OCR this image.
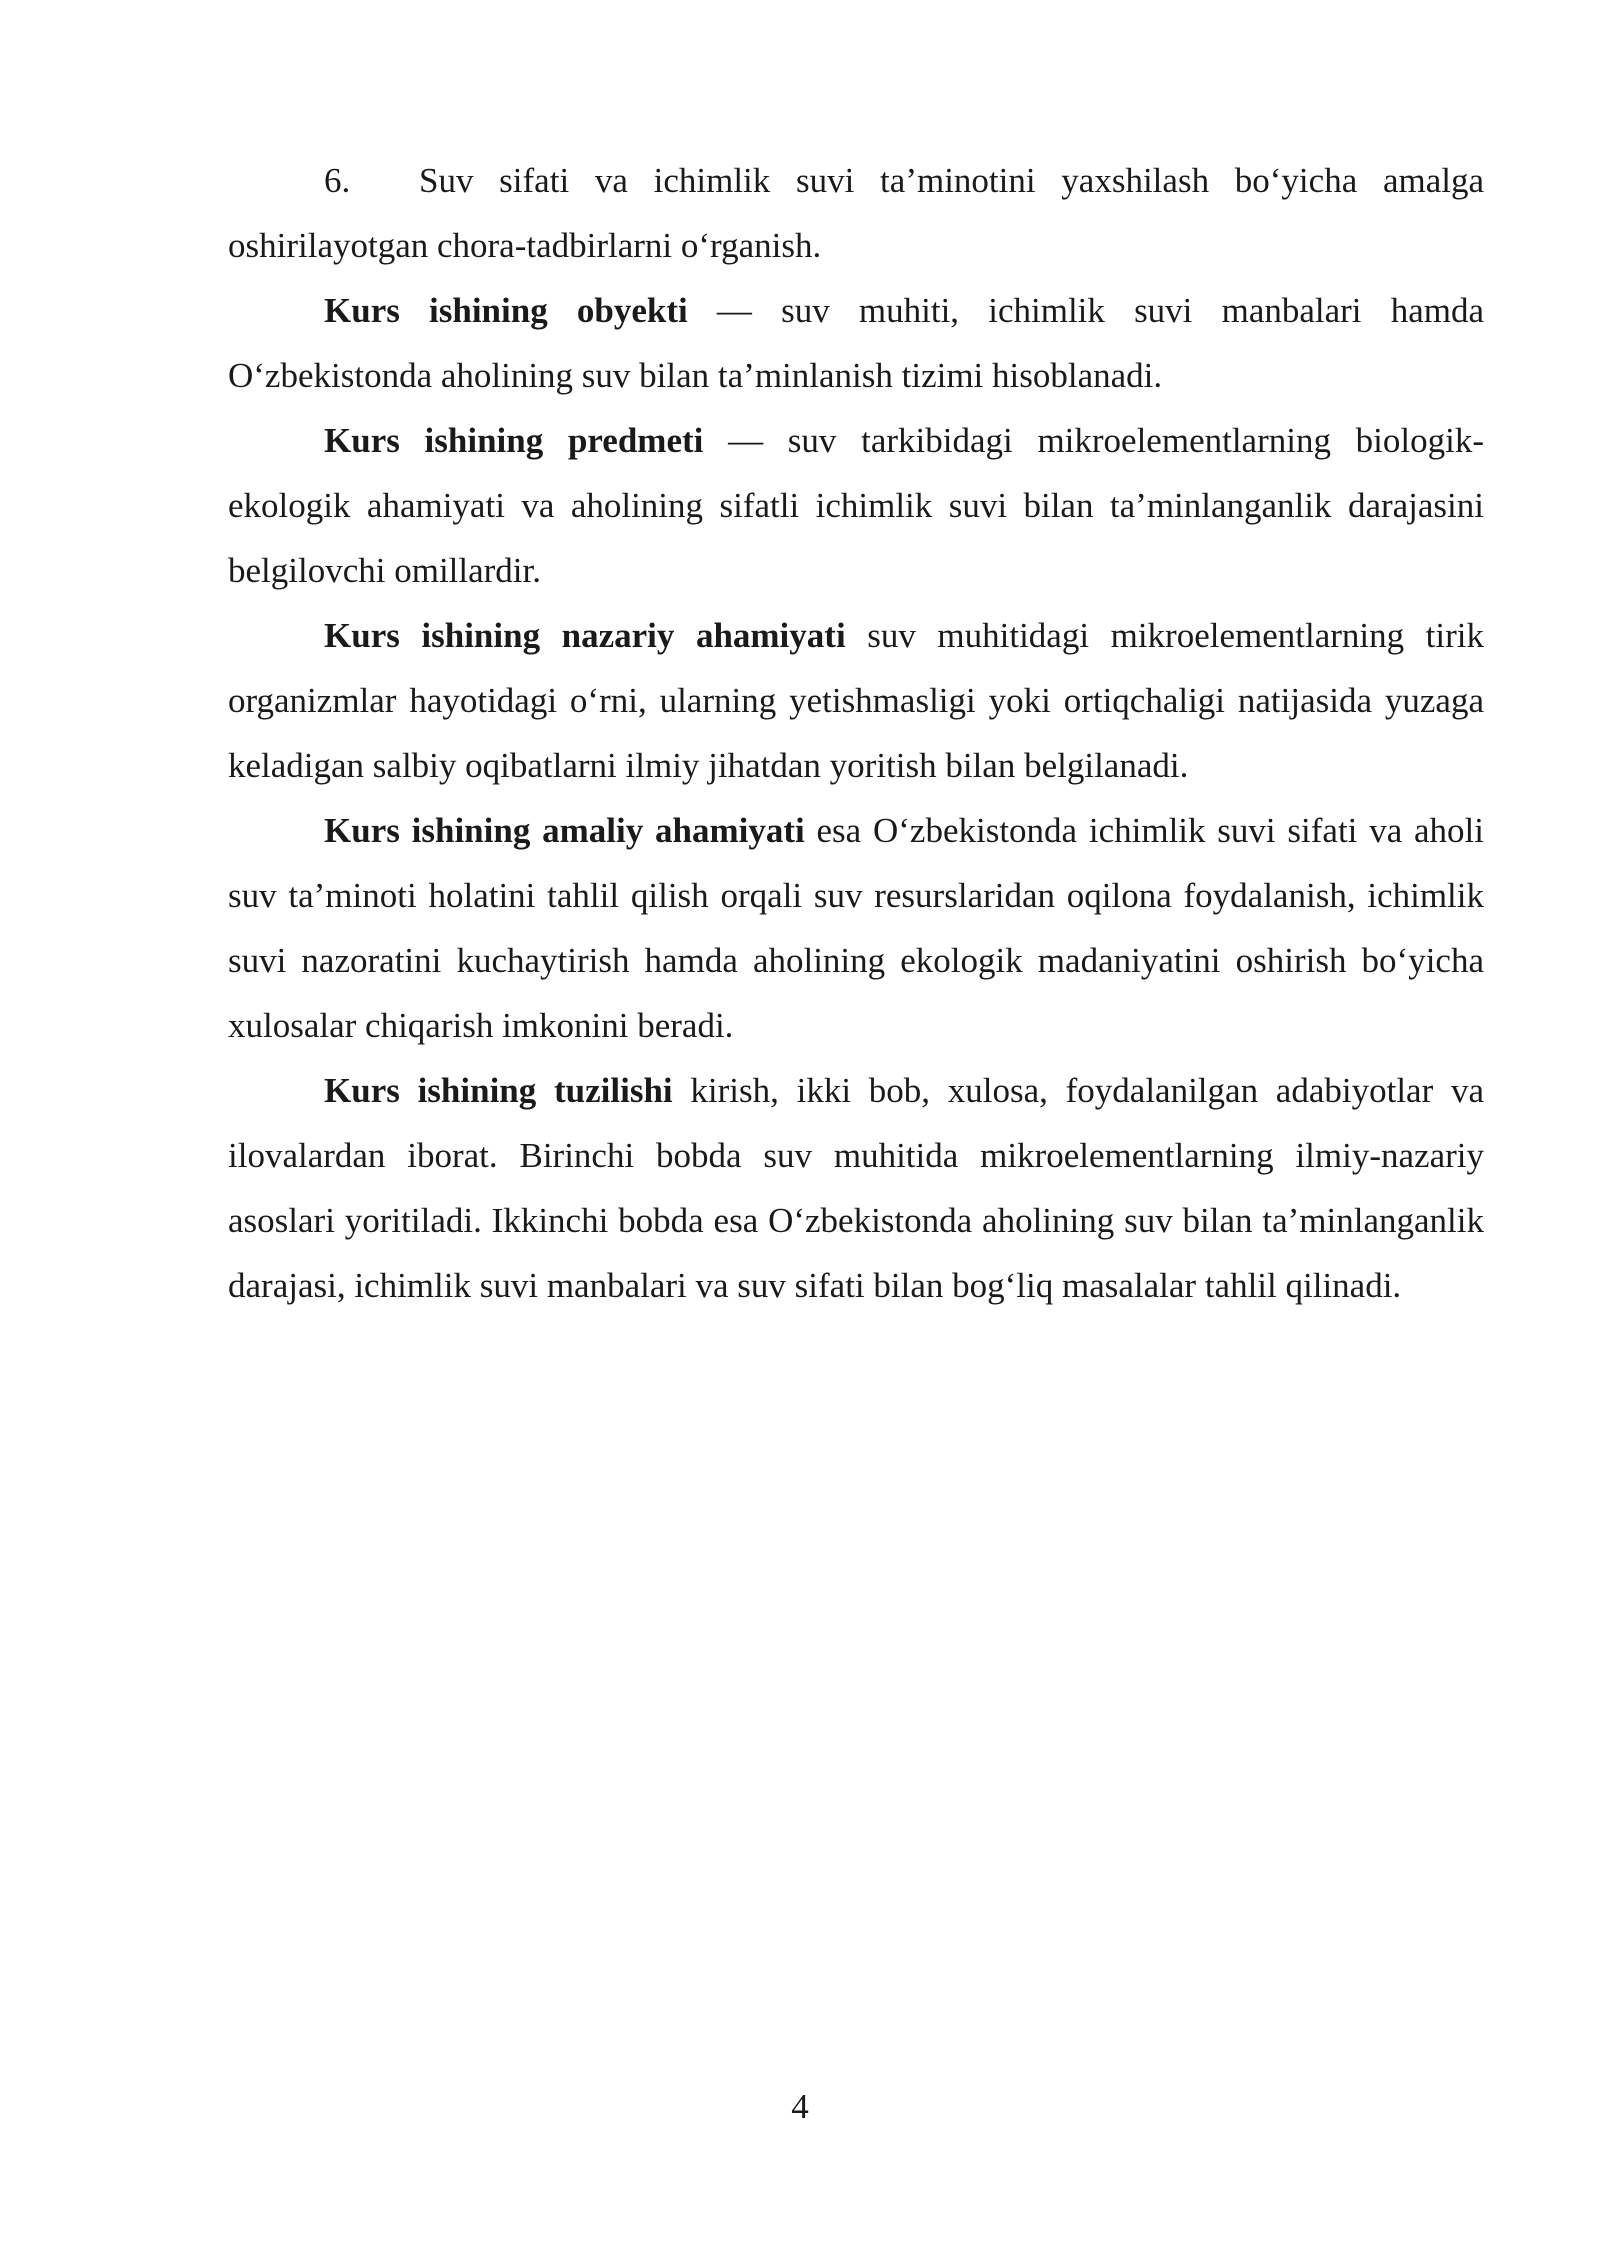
6. Suv sifati va ichimlik suvi ta’minotini yaxshilash bo‘yicha amalga oshirilayotgan chora-tadbirlarni o‘rganish.

Kurs ishining obyekti — suv muhiti, ichimlik suvi manbalari hamda O‘zbekistonda aholining suv bilan ta’minlanish tizimi hisoblanadi.

Kurs ishining predmeti — suv tarkibidagi mikroelementlarning biologik-ekologik ahamiyati va aholining sifatli ichimlik suvi bilan ta’minlanganlik darajasini belgilovchi omillardir.

Kurs ishining nazariy ahamiyati suv muhitidagi mikroelementlarning tirik organizmlar hayotidagi o‘rni, ularning yetishmasligi yoki ortiqchaligi natijasida yuzaga keladigan salbiy oqibatlarni ilmiy jihatdan yoritish bilan belgilanadi.

Kurs ishining amaliy ahamiyati esa O‘zbekistonda ichimlik suvi sifati va aholi suv ta’minoti holatini tahlil qilish orqali suv resurslaridan oqilona foydalanish, ichimlik suvi nazoratini kuchaytirish hamda aholining ekologik madaniyatini oshirish bo‘yicha xulosalar chiqarish imkonini beradi.

Kurs ishining tuzilishi kirish, ikki bob, xulosa, foydalanilgan adabiyotlar va ilovalardan iborat. Birinchi bobda suv muhitida mikroelementlarning ilmiy-nazariy asoslari yoritiladi. Ikkinchi bobda esa O‘zbekistonda aholining suv bilan ta’minlanganlik darajasi, ichimlik suvi manbalari va suv sifati bilan bog‘liq masalalar tahlil qilinadi.

4
